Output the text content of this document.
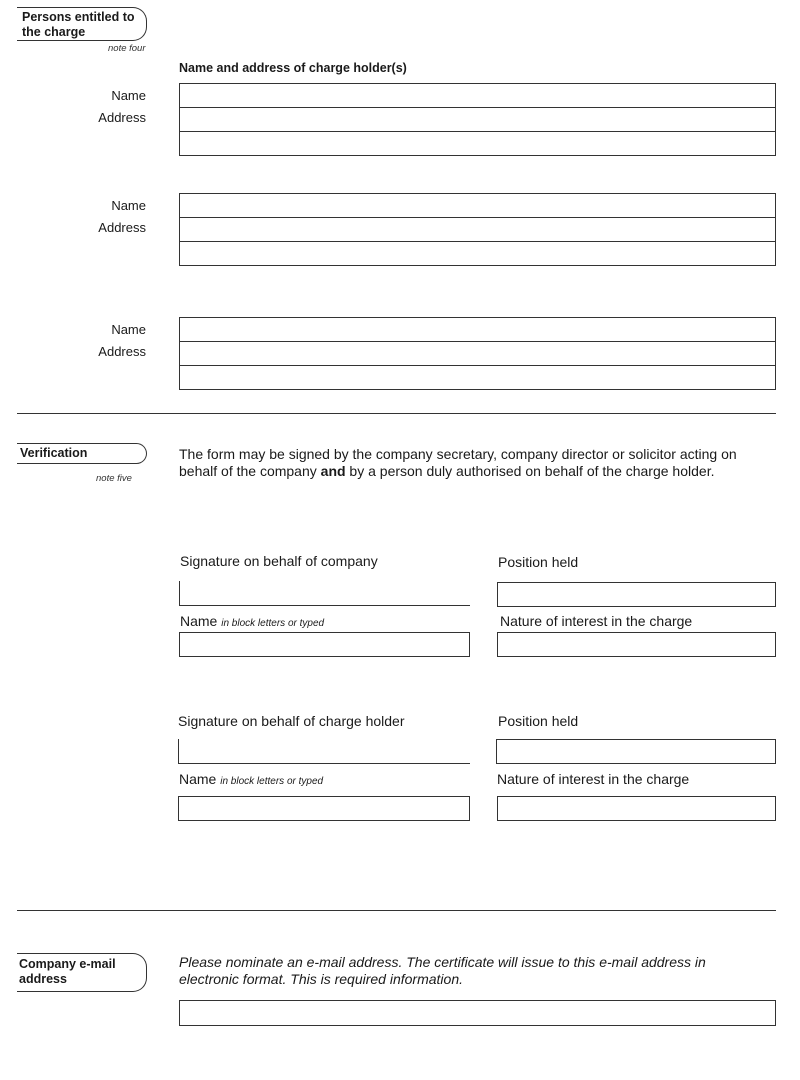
Persons entitled to the charge
note four
Name and address of charge holder(s)
Name
Address
Name
Address
Name
Address
Verification
note five
The form may be signed by the company secretary, company director or solicitor acting on behalf of the company and by a person duly authorised on behalf of the charge holder.
Signature on behalf of company	Position held
Name in block letters or typed	Nature of interest in the charge
Signature on behalf of charge holder	Position held
Name in block letters or typed	Nature of interest in the charge
Company e-mail address
Please nominate an e-mail address. The certificate will issue to this e-mail address in electronic format. This is required information.
